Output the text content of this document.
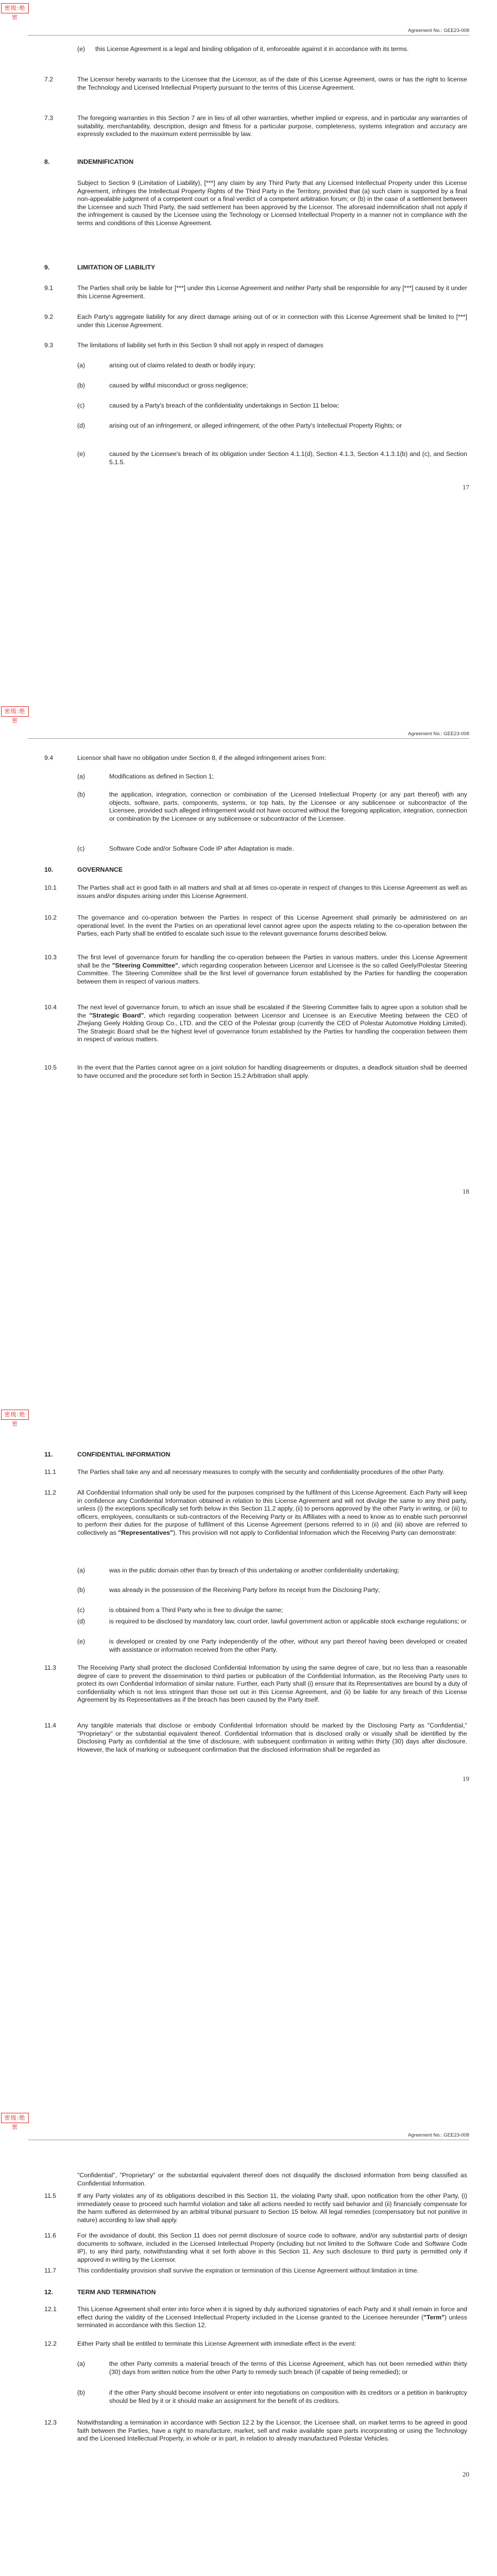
密级:绝密
Agreement No.: GEE23-008
(e) this License Agreement is a legal and binding obligation of it, enforceable against it in accordance with its terms.
7.2	The Licensor hereby warrants to the Licensee that the Licensor, as of the date of this License Agreement, owns or has the right to license the Technology and Licensed Intellectual Property pursuant to the terms of this License Agreement.
7.3	The foregoing warranties in this Section 7 are in lieu of all other warranties, whether implied or express, and in particular any warranties of suitability, merchantability, description, design and fitness for a particular purpose, completeness, systems integration and accuracy are expressly excluded to the maximum extent permissible by law.
8.	INDEMNIFICATION
Subject to Section 9 (Limitation of Liability), [***] any claim by any Third Party that any Licensed Intellectual Property under this License Agreement, infringes the Intellectual Property Rights of the Third Party in the Territory, provided that (a) such claim is supported by a final non-appealable judgment of a competent court or a final verdict of a competent arbitration forum; or (b) in the case of a settlement between the Licensee and such Third Party, the said settlement has been approved by the Licensor. The aforesaid indemnification shall not apply if the infringement is caused by the Licensee using the Technology or Licensed Intellectual Property in a manner not in compliance with the terms and conditions of this License Agreement.
9.	LIMITATION OF LIABILITY
9.1	The Parties shall only be liable for [***] under this License Agreement and neither Party shall be responsible for any [***] caused by it under this License Agreement.
9.2	Each Party's aggregate liability for any direct damage arising out of or in connection with this License Agreement shall be limited to [***] under this License Agreement.
9.3	The limitations of liability set forth in this Section 9 shall not apply in respect of damages
(a)	arising out of claims related to death or bodily injury;
(b)	caused by willful misconduct or gross negligence;
(c)	caused by a Party's breach of the confidentiality undertakings in Section 11 below;
(d)	arising out of an infringement, or alleged infringement, of the other Party's Intellectual Property Rights; or
(e)	caused by the Licensee's breach of its obligation under Section 4.1.1(d), Section 4.1.3, Section 4.1.3.1(b) and (c), and Section 5.1.5.
17
密级:绝密
Agreement No.: GEE23-008
9.4	Licensor shall have no obligation under Section 8, if the alleged infringement arises from:
(a)	Modifications as defined in Section 1;
(b)	the application, integration, connection or combination of the Licensed Intellectual Property (or any part thereof) with any objects, software, parts, components, systems, or top hats, by the Licensee or any sublicensee or subcontractor of the Licensee, provided such alleged infringement would not have occurred without the foregoing application, integration, connection or combination by the Licensee or any sublicensee or subcontractor of the Licensee.
(c)	Software Code and/or Software Code IP after Adaptation is made.
10.	GOVERNANCE
10.1	The Parties shall act in good faith in all matters and shall at all times co-operate in respect of changes to this License Agreement as well as issues and/or disputes arising under this License Agreement.
10.2	The governance and co-operation between the Parties in respect of this License Agreement shall primarily be administered on an operational level. In the event the Parties on an operational level cannot agree upon the aspects relating to the co-operation between the Parties, each Party shall be entitled to escalate such issue to the relevant governance forums described below.
10.3	The first level of governance forum for handling the co-operation between the Parties in various matters, under this License Agreement shall be the "Steering Committee", which regarding cooperation between Licensor and Licensee is the so called Geely/Polestar Steering Committee. The Steering Committee shall be the first level of governance forum established by the Parties for handling the cooperation between them in respect of various matters.
10.4	The next level of governance forum, to which an issue shall be escalated if the Steering Committee fails to agree upon a solution shall be the "Strategic Board", which regarding cooperation between Licensor and Licensee is an Executive Meeting between the CEO of Zhejiang Geely Holding Group Co., LTD. and the CEO of the Polestar group (currently the CEO of Polestar Automotive Holding Limited). The Strategic Board shall be the highest level of governance forum established by the Parties for handling the cooperation between them in respect of various matters.
10.5	In the event that the Parties cannot agree on a joint solution for handling disagreements or disputes, a deadlock situation shall be deemed to have occurred and the procedure set forth in Section 15.2 Arbitration shall apply.
18
密级:绝密
11.	CONFIDENTIAL INFORMATION
11.1	The Parties shall take any and all necessary measures to comply with the security and confidentiality procedures of the other Party.
11.2	All Confidential Information shall only be used for the purposes comprised by the fulfilment of this License Agreement. Each Party will keep in confidence any Confidential Information obtained in relation to this License Agreement and will not divulge the same to any third party, unless (i) the exceptions specifically set forth below in this Section 11.2 apply, (ii) to persons approved by the other Party in writing, or (iii) to officers, employees, consultants or sub-contractors of the Receiving Party or its Affiliates with a need to know as to enable such personnel to perform their duties for the purpose of fulfilment of this License Agreement (persons referred to in (ii) and (iii) above are referred to collectively as "Representatives"). This provision will not apply to Confidential Information which the Receiving Party can demonstrate:
(a)	was in the public domain other than by breach of this undertaking or another confidentiality undertaking;
(b)	was already in the possession of the Receiving Party before its receipt from the Disclosing Party;
(c)	is obtained from a Third Party who is free to divulge the same;
(d)	is required to be disclosed by mandatory law, court order, lawful government action or applicable stock exchange regulations; or
(e)	is developed or created by one Party independently of the other, without any part thereof having been developed or created with assistance or information received from the other Party.
11.3	The Receiving Party shall protect the disclosed Confidential Information by using the same degree of care, but no less than a reasonable degree of care to prevent the dissemination to third parties or publication of the Confidential Information, as the Receiving Party uses to protect its own Confidential Information of similar nature. Further, each Party shall (i) ensure that its Representatives are bound by a duty of confidentiality which is not less stringent than those set out in this License Agreement, and (ii) be liable for any breach of this License Agreement by its Representatives as if the breach has been caused by the Party itself.
11.4	Any tangible materials that disclose or embody Confidential Information should be marked by the Disclosing Party as "Confidential," "Proprietary" or the substantial equivalent thereof. Confidential Information that is disclosed orally or visually shall be identified by the Disclosing Party as confidential at the time of disclosure, with subsequent confirmation in writing within thirty (30) days after disclosure. However, the lack of marking or subsequent confirmation that the disclosed information shall be regarded as
19
密级:绝密
Agreement No.: GEE23-008
"Confidential", "Proprietary" or the substantial equivalent thereof does not disqualify the disclosed information from being classified as Confidential Information.
11.5	If any Party violates any of its obligations described in this Section 11, the violating Party shall, upon notification from the other Party, (i) immediately cease to proceed such harmful violation and take all actions needed to rectify said behavior and (ii) financially compensate for the harm suffered as determined by an arbitral tribunal pursuant to Section 15 below. All legal remedies (compensatory but not punitive in nature) according to law shall apply.
11.6	For the avoidance of doubt, this Section 11 does not permit disclosure of source code to software, and/or any substantial parts of design documents to software, included in the Licensed Intellectual Property (including but not limited to the Software Code and Software Code IP), to any third party, notwithstanding what it set forth above in this Section 11. Any such disclosure to third party is permitted only if approved in writing by the Licensor.
11.7	This confidentiality provision shall survive the expiration or termination of this License Agreement without limitation in time.
12.	TERM AND TERMINATION
12.1	This License Agreement shall enter into force when it is signed by duly authorized signatories of each Party and it shall remain in force and effect during the validity of the Licensed Intellectual Property included in the License granted to the Licensee hereunder ("Term") unless terminated in accordance with this Section 12.
12.2	Either Party shall be entitled to terminate this License Agreement with immediate effect in the event:
(a)	the other Party commits a material breach of the terms of this License Agreement, which has not been remedied within thirty (30) days from written notice from the other Party to remedy such breach (if capable of being remedied); or
(b)	if the other Party should become insolvent or enter into negotiations on composition with its creditors or a petition in bankruptcy should be filed by it or it should make an assignment for the benefit of its creditors.
12.3	Notwithstanding a termination in accordance with Section 12.2 by the Licensor, the Licensee shall, on market terms to be agreed in good faith between the Parties, have a right to manufacture, market, sell and make available spare parts incorporating or using the Technology and the Licensed Intellectual Property, in whole or in part, in relation to already manufactured Polestar Vehicles.
20
